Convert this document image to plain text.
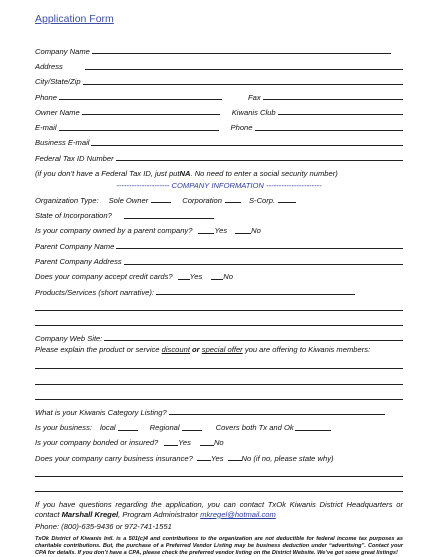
Application Form
Company Name
Address
City/State/Zip
Phone	Fax
Owner Name	Kiwanis Club
E-mail	Phone
Business E-mail
Federal Tax ID Number
(if you don’t have a Federal Tax ID, just put NA . No need to enter a social security number)
--------------------- COMPANY INFORMATION ----------------------
Organization Type: Sole Owner	Corporation	S-Corp.
State of Incorporation?
Is your company owned by a parent company?	Yes	No
Parent Company Name
Parent Company Address
Does your company accept credit cards? Yes	No
Products/Services (short narrative):
Company Web Site:

Please explain the product or service discount or special offer you are offering to Kiwanis members:

What is your Kiwanis Category Listing?
Is your business: local	Regional	Covers both Tx and Ok
Is your company bonded or insured?	Yes	No
Does your company carry business insurance? Yes No (if no, please state why)

If you have questions regarding the application, you can contact TxOk Kiwanis District Headquarters or contact Marshall Kregel, Program Administrator mkregel@hotmail.com

Phone: (800)-635-9436 or 972-741-1551

TxOk District of Kiwanis Intl. is a 501(c)4 and contributions to the organization are not deductible for federal income tax purposes as charitable contributions. But, the purchase of a Preferred Vendor Listing may be business deduction under “advertising”. Contact your CPA for details. If you don’t have a CPA, please check the preferred vendor listing on the District Website. We’ve got some great listings!
